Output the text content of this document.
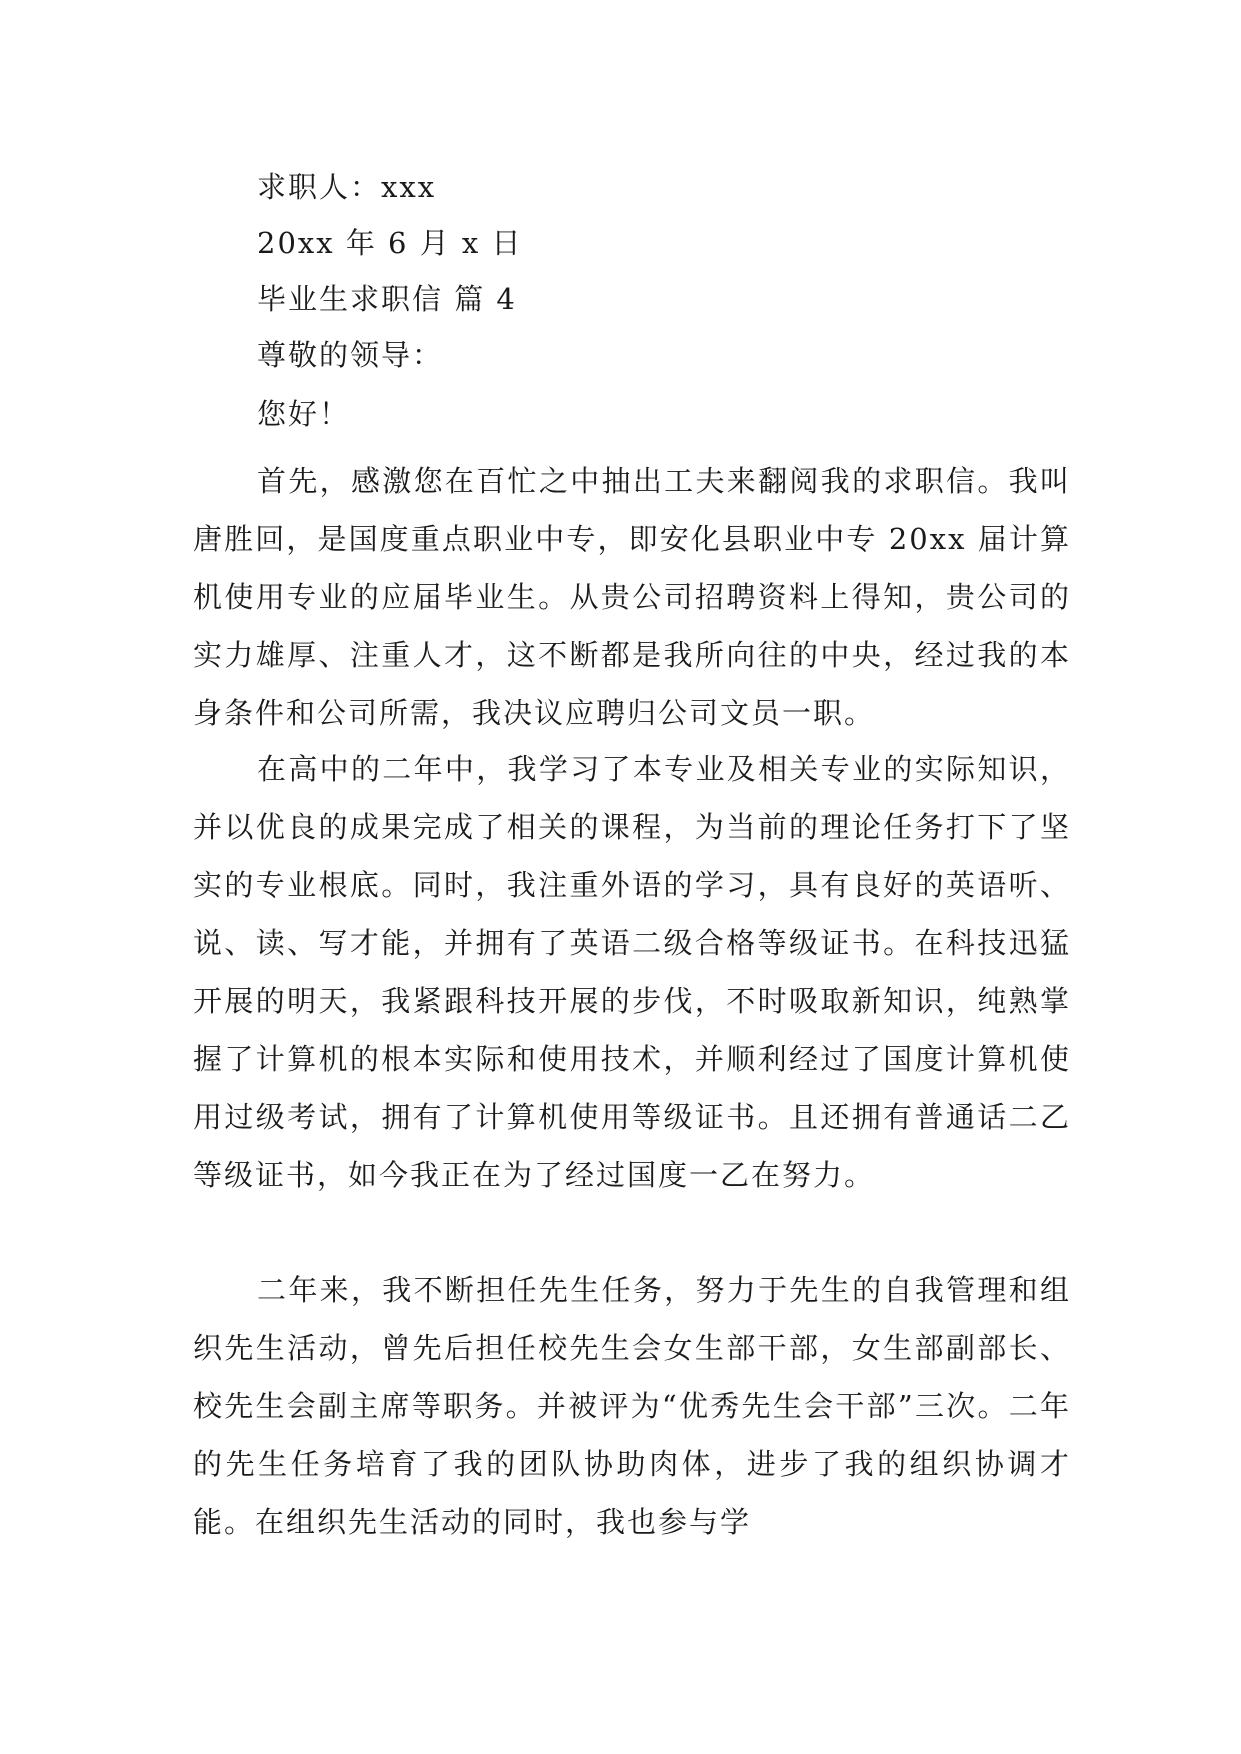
求职人：xxx
20xx 年 6 月 x 日
毕业生求职信 篇 4
尊敬的领导：
您好！

首先，感激您在百忙之中抽出工夫来翻阅我的求职信。我叫唐胜回，是国度重点职业中专，即安化县职业中专 20xx 届计算机使用专业的应届毕业生。从贵公司招聘资料上得知，贵公司的实力雄厚、注重人才，这不断都是我所向往的中央，经过我的本身条件和公司所需，我决议应聘归公司文员一职。

在高中的二年中，我学习了本专业及相关专业的实际知识，并以优良的成果完成了相关的课程，为当前的理论任务打下了坚实的专业根底。同时，我注重外语的学习，具有良好的英语听、说、读、写才能，并拥有了英语二级合格等级证书。在科技迅猛开展的明天，我紧跟科技开展的步伐，不时吸取新知识，纯熟掌握了计算机的根本实际和使用技术，并顺利经过了国度计算机使用过级考试，拥有了计算机使用等级证书。且还拥有普通话二乙等级证书，如今我正在为了经过国度一乙在努力。

二年来，我不断担任先生任务，努力于先生的自我管理和组织先生活动，曾先后担任校先生会女生部干部，女生部副部长、校先生会副主席等职务。并被评为“优秀先生会干部”三次。二年的先生任务培育了我的团队协助肉体，进步了我的组织协调才能。在组织先生活动的同时，我也参与学
